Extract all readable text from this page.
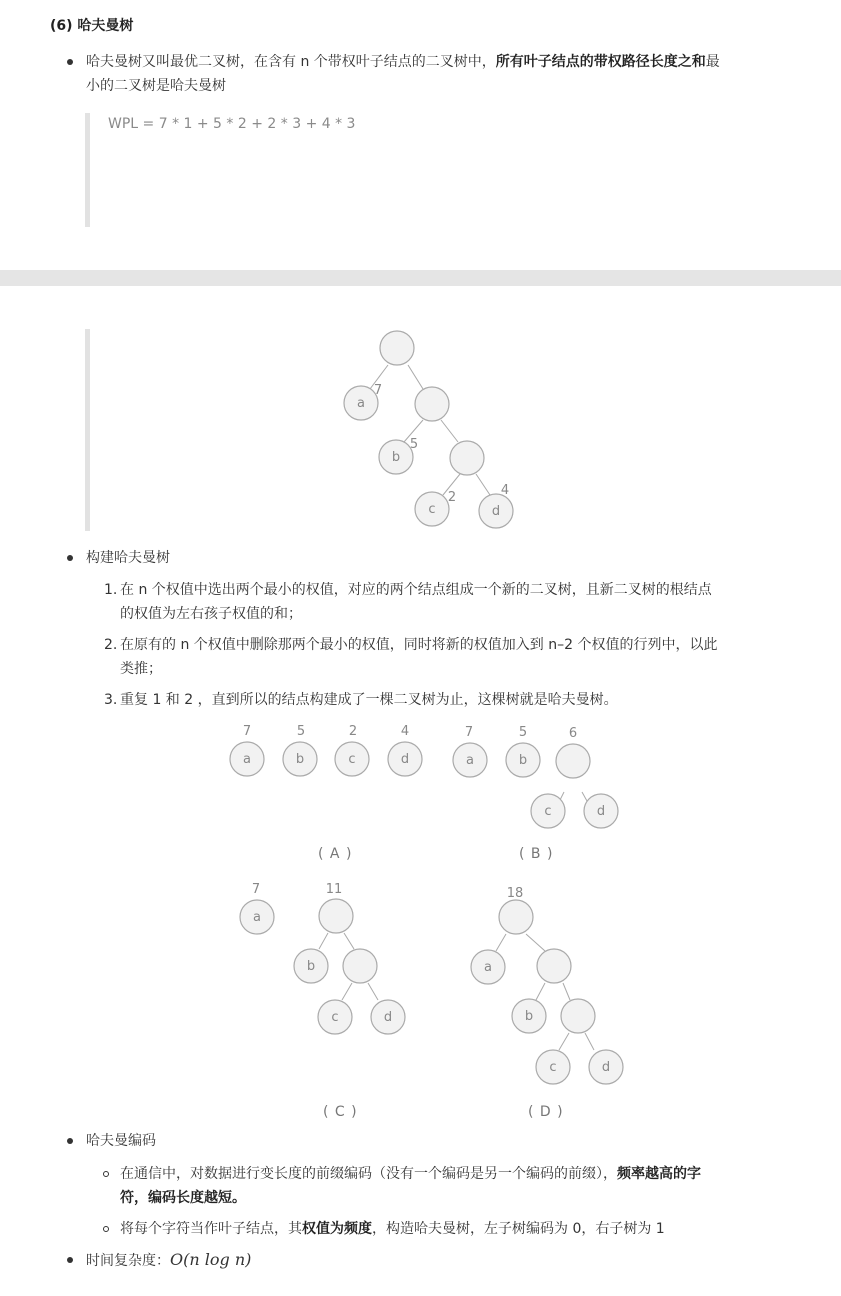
(6) 哈夫曼树
哈夫曼树又叫最优二叉树，在含有 n 个带权叶子结点的二叉树中，所有叶子结点的带权路径长度之和最
小的二叉树是哈夫曼树
WPL = 7 * 1 + 5 * 2 + 2 * 3 + 4 * 3
a
b
c	d
7
5
2	4
构建哈夫曼树
1. 在 n 个权值中选出两个最小的权值，对应的两个结点组成一个新的二叉树，且新二叉树的根结点
的权值为左右孩子权值的和；
2. 在原有的 n 个权值中删除那两个最小的权值，同时将新的权值加入到 n–2 个权值的行列中，以此
类推；
3. 重复 1 和 2 ，直到所以的结点构建成了一棵二叉树为止，这棵树就是哈夫曼树。
a	b	c	d
7	5	2	4
a	b
c	d
7	5	6
a
b
c	d
7	11
a
b
c	d
18
( A )	( B )
( C )	( D )
哈夫曼编码
在通信中，对数据进行变长度的前缀编码（没有一个编码是另一个编码的前缀），频率越高的字
符，编码长度越短。
将每个字符当作叶子结点，其权值为频度，构造哈夫曼树，左子树编码为 0，右子树为 1
时间复杂度：O(n log n)
